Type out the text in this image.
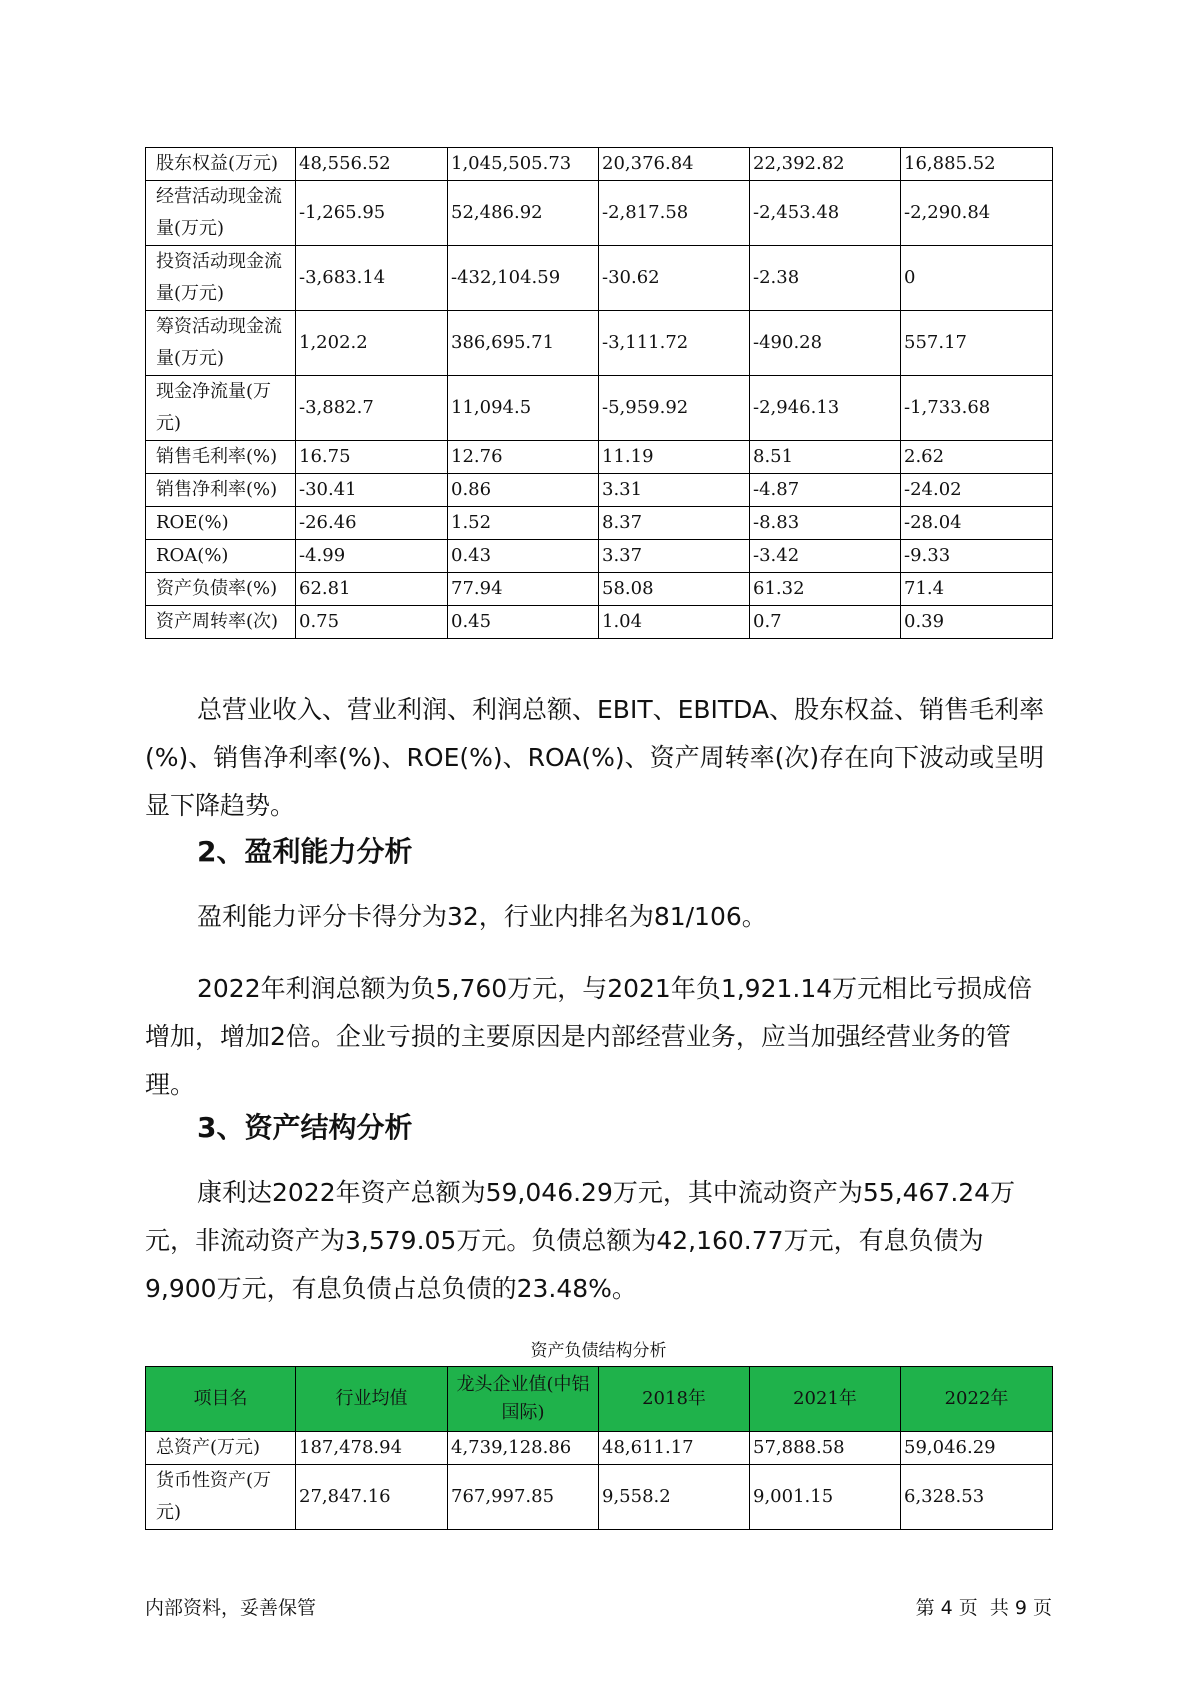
股东权益(万元)	48,556.52	1,045,505.73	20,376.84	22,392.82	16,885.52
经营活动现金流量(万元)	-1,265.95	52,486.92	-2,817.58	-2,453.48	-2,290.84
投资活动现金流量(万元)	-3,683.14	-432,104.59	-30.62	-2.38	0
筹资活动现金流量(万元)	1,202.2	386,695.71	-3,111.72	-490.28	557.17
现金净流量(万元)	-3,882.7	11,094.5	-5,959.92	-2,946.13	-1,733.68
销售毛利率(%)	16.75	12.76	11.19	8.51	2.62
销售净利率(%)	-30.41	0.86	3.31	-4.87	-24.02
ROE(%)	-26.46	1.52	8.37	-8.83	-28.04
ROA(%)	-4.99	0.43	3.37	-3.42	-9.33
资产负债率(%)	62.81	77.94	58.08	61.32	71.4
资产周转率(次)	0.75	0.45	1.04	0.7	0.39

总营业收入、营业利润、利润总额、EBIT、EBITDA、股东权益、销售毛利率(%)、销售净利率(%)、ROE(%)、ROA(%)、资产周转率(次)存在向下波动或呈明显下降趋势。

2、盈利能力分析

盈利能力评分卡得分为32，行业内排名为81/106。

2022年利润总额为负5,760万元，与2021年负1,921.14万元相比亏损成倍增加，增加2倍。企业亏损的主要原因是内部经营业务，应当加强经营业务的管理。

3、资产结构分析

康利达2022年资产总额为59,046.29万元，其中流动资产为55,467.24万元，非流动资产为3,579.05万元。负债总额为42,160.77万元，有息负债为9,900万元，有息负债占总负债的23.48%。

资产负债结构分析
项目名	行业均值	龙头企业值(中铝国际)	2018年	2021年	2022年
总资产(万元)	187,478.94	4,739,128.86	48,611.17	57,888.58	59,046.29
货币性资产(万元)	27,847.16	767,997.85	9,558.2	9,001.15	6,328.53
内部资料，妥善保管	第 4 页  共 9 页
